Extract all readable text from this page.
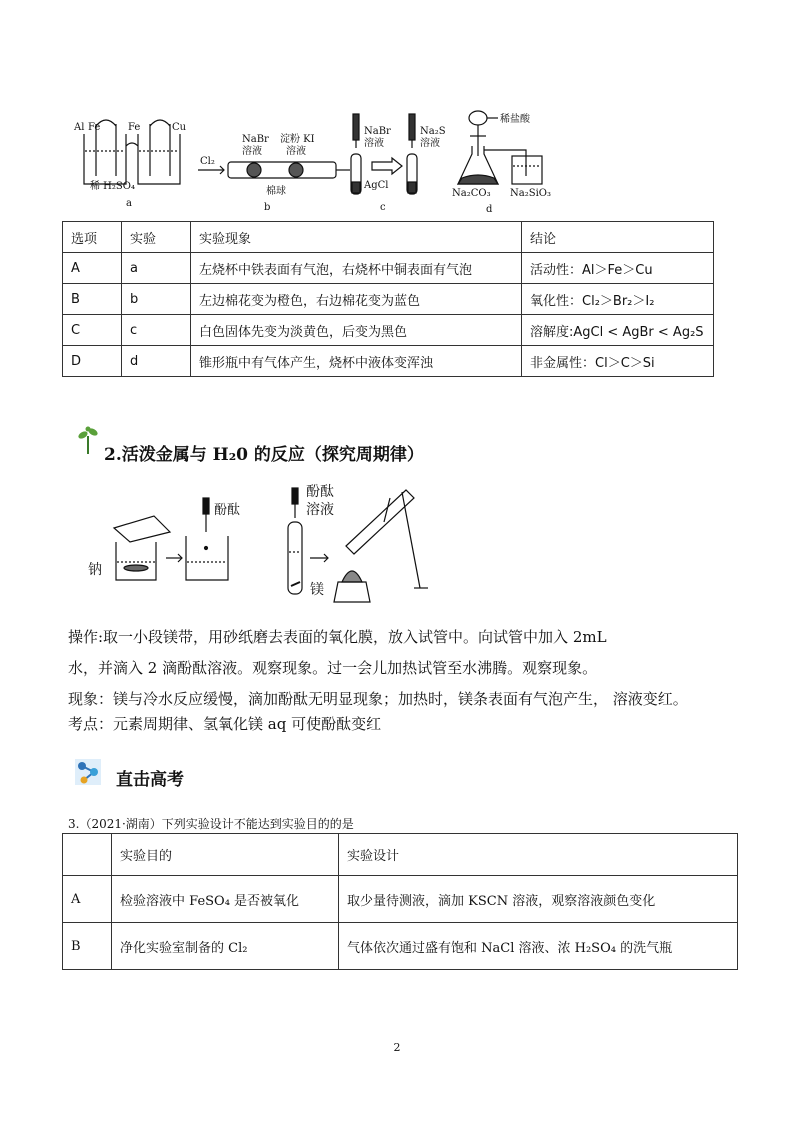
Al Fe	Fe	Cu
稀 H₂SO₄
a
Cl₂
NaBr
溶液
淀粉 KI
溶液
棉球
b
NaBr
溶液
Na₂S
溶液
AgCl
c
稀盐酸
Na₂CO₃ Na₂SiO₃
d
选项	实验	实验现象	结论
A	a	左烧杯中铁表面有气泡，右烧杯中铜表面有气泡	活动性：Al＞Fe＞Cu
B	b	左边棉花变为橙色，右边棉花变为蓝色	氧化性：Cl₂＞Br₂＞I₂
C	c	白色固体先变为淡黄色，后变为黑色	溶解度:AgCl < AgBr < Ag₂S
D	d	锥形瓶中有气体产生，烧杯中液体变浑浊	非金属性：Cl＞C＞Si
2.活泼金属与 H₂0 的反应（探究周期律）
钠
酚酞
酚酞
溶液
镁
操作:取一小段镁带，用砂纸磨去表面的氧化膜，放入试管中。向试管中加入 2mL
水，并滴入 2 滴酚酞溶液。观察现象。过一会儿加热试管至水沸腾。观察现象。
现象：镁与冷水反应缓慢，滴加酚酞无明显现象；加热时，镁条表面有气泡产生， 溶液变红。
考点：元素周期律、氢氧化镁 aq 可使酚酞变红
直击高考
3.（2021·湖南）下列实验设计不能达到实验目的的是
	实验目的	实验设计
A	检验溶液中 FeSO₄ 是否被氧化	取少量待测液，滴加 KSCN 溶液，观察溶液颜色变化
B	净化实验室制备的 Cl₂	气体依次通过盛有饱和 NaCl 溶液、浓 H₂SO₄ 的洗气瓶
2
